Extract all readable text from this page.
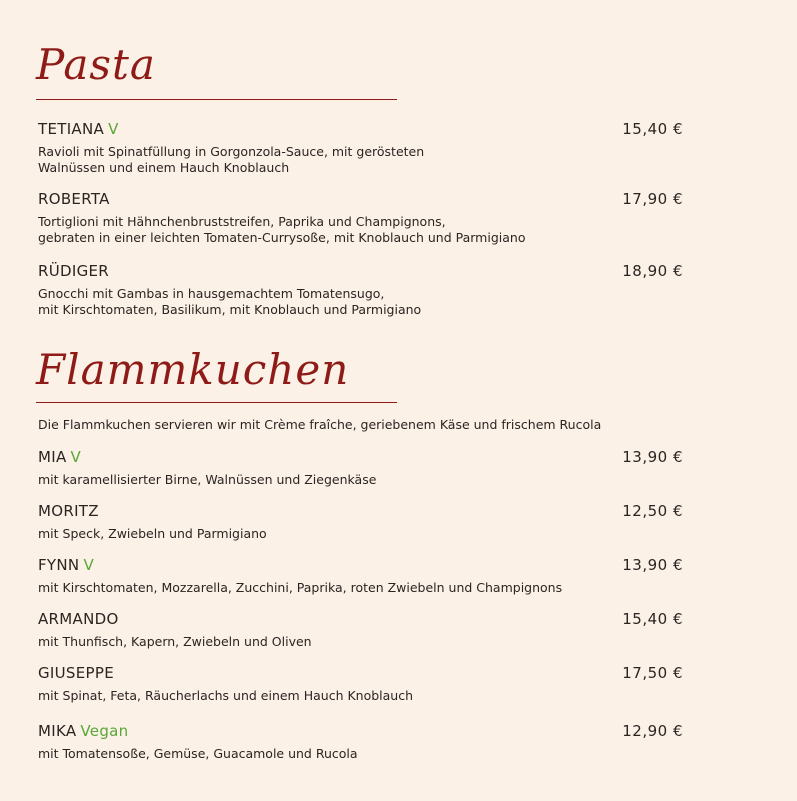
Pasta
TETIANA V	15,40 €
Ravioli mit Spinatfüllung in Gorgonzola-Sauce, mit gerösteten
Walnüssen und einem Hauch Knoblauch
ROBERTA	17,90 €
Tortiglioni mit Hähnchenbruststreifen, Paprika und Champignons,
gebraten in einer leichten Tomaten-Currysoße, mit Knoblauch und Parmigiano
RÜDIGER	18,90 €
Gnocchi mit Gambas in hausgemachtem Tomatensugo,
mit Kirschtomaten, Basilikum, mit Knoblauch und Parmigiano
Flammkuchen
Die Flammkuchen servieren wir mit Crème fraîche, geriebenem Käse und frischem Rucola
MIA V	13,90 €
mit karamellisierter Birne, Walnüssen und Ziegenkäse
MORITZ	12,50 €
mit Speck, Zwiebeln und Parmigiano
FYNN V	13,90 €
mit Kirschtomaten, Mozzarella, Zucchini, Paprika, roten Zwiebeln und Champignons
ARMANDO	15,40 €
mit Thunfisch, Kapern, Zwiebeln und Oliven
GIUSEPPE	17,50 €
mit Spinat, Feta, Räucherlachs und einem Hauch Knoblauch
MIKA Vegan	12,90 €
mit Tomatensoße, Gemüse, Guacamole und Rucola
